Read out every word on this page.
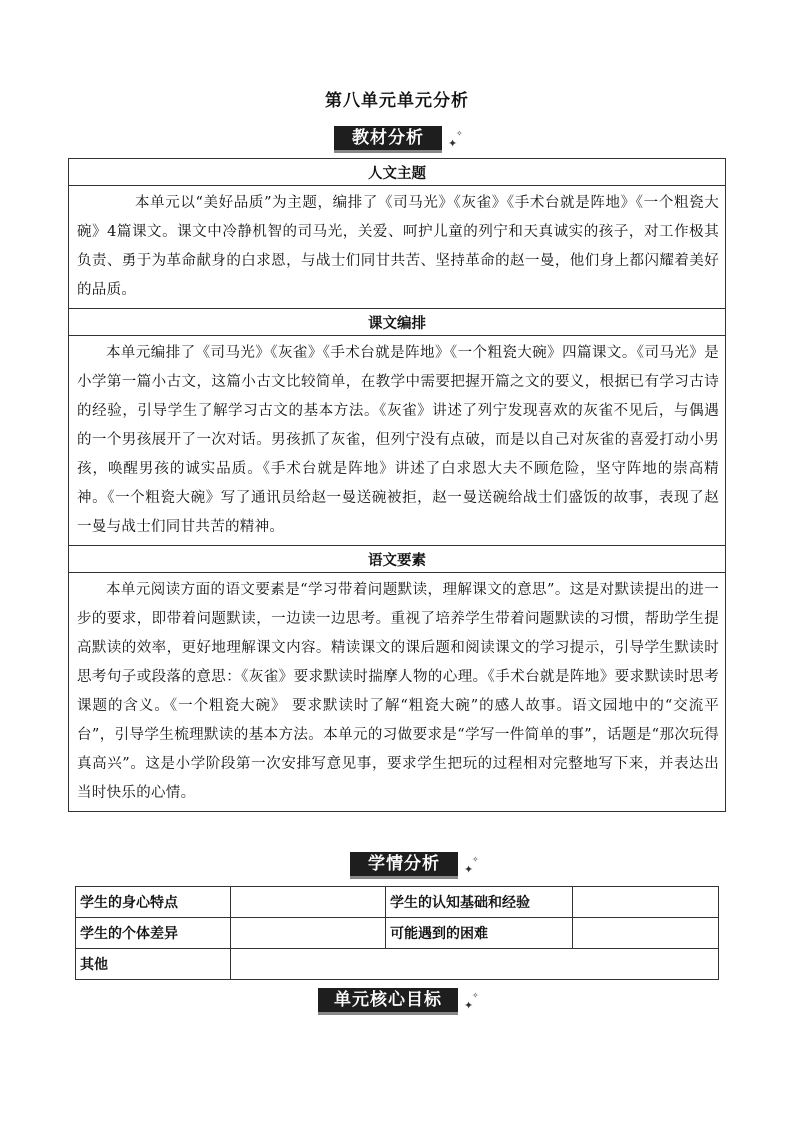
第八单元单元分析
教材分析	✦
✧
人文主题
本单元以“美好品质”为主题，编排了《司马光》《灰雀》《手术台就是阵地》《一个粗瓷大碗》4篇课文。课文中冷静机智的司马光，关爱、呵护儿童的列宁和天真诚实的孩子，对工作极其负责、勇于为革命献身的白求恩，与战士们同甘共苦、坚持革命的赵一曼，他们身上都闪耀着美好的品质。
课文编排
本单元编排了《司马光》《灰雀》《手术台就是阵地》《一个粗瓷大碗》四篇课文。《司马光》是小学第一篇小古文，这篇小古文比较简单，在教学中需要把握开篇之文的要义，根据已有学习古诗的经验，引导学生了解学习古文的基本方法。《灰雀》讲述了列宁发现喜欢的灰雀不见后，与偶遇的一个男孩展开了一次对话。男孩抓了灰雀，但列宁没有点破，而是以自己对灰雀的喜爱打动小男孩，唤醒男孩的诚实品质。《手术台就是阵地》讲述了白求恩大夫不顾危险，坚守阵地的崇高精神。《一个粗瓷大碗》写了通讯员给赵一曼送碗被拒，赵一曼送碗给战士们盛饭的故事，表现了赵一曼与战士们同甘共苦的精神。
语文要素
本单元阅读方面的语文要素是“学习带着问题默读，理解课文的意思”。这是对默读提出的进一步的要求，即带着问题默读，一边读一边思考。重视了培养学生带着问题默读的习惯，帮助学生提高默读的效率，更好地理解课文内容。精读课文的课后题和阅读课文的学习提示，引导学生默读时思考句子或段落的意思：《灰雀》要求默读时揣摩人物的心理。《手术台就是阵地》要求默读时思考课题的含义。《一个粗瓷大碗》 要求默读时了解“粗瓷大碗”的感人故事。语文园地中的“交流平台”，引导学生梳理默读的基本方法。本单元的习做要求是“学写一件简单的事”，话题是“那次玩得真高兴”。这是小学阶段第一次安排写意见事，要求学生把玩的过程相对完整地写下来，并表达出当时快乐的心情。
学情分析	✦
✧
学生的身心特点		学生的认知基础和经验	
学生的个体差异		可能遇到的困难	
其他			
单元核心目标	✦
✧
